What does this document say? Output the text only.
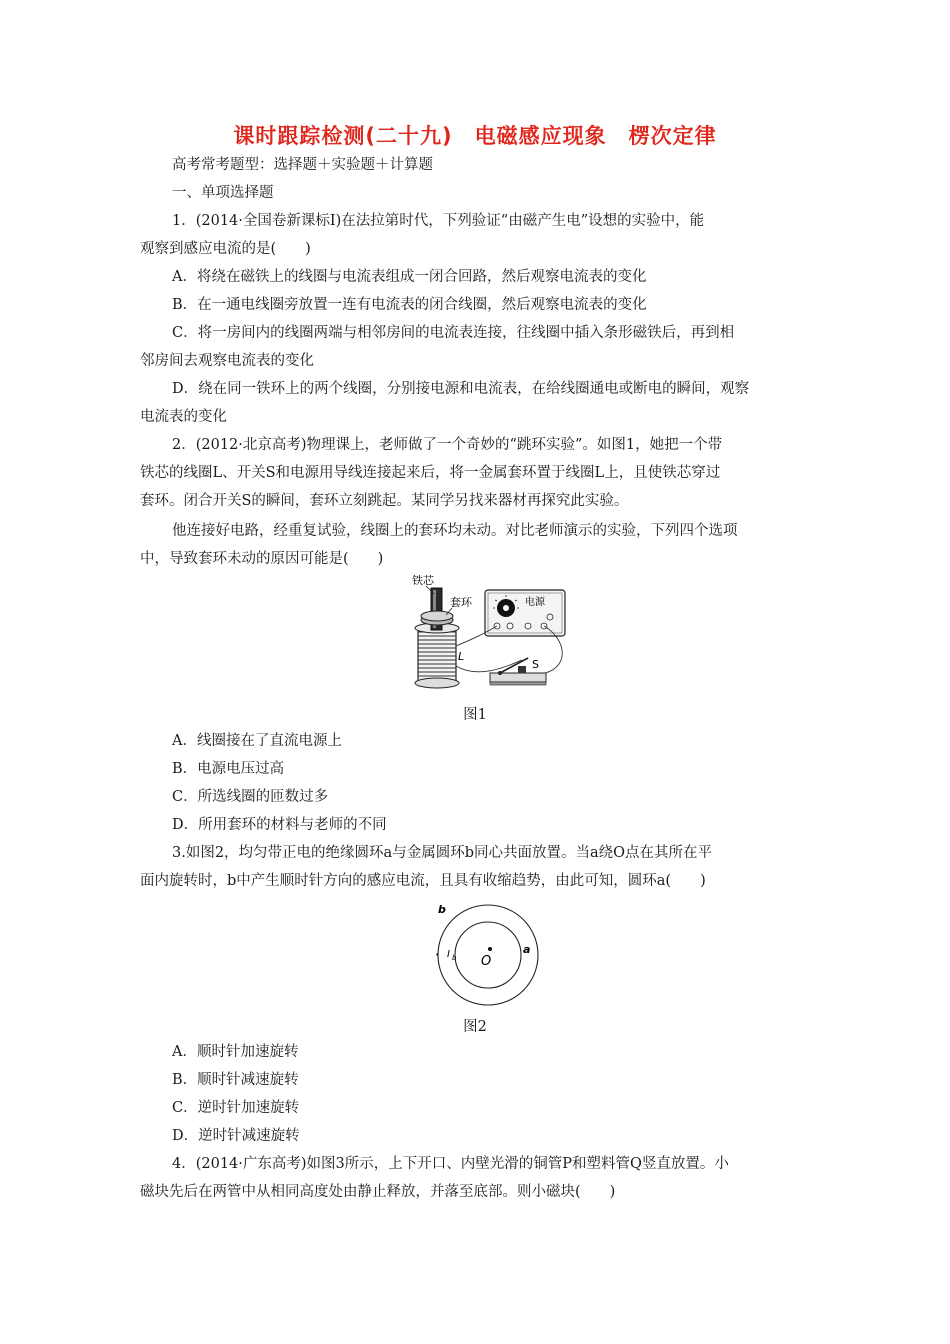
课时跟踪检测(二十九)　电磁感应现象　楞次定律
高考常考题型：选择题＋实验题＋计算题
一、单项选择题
1．(2014·全国卷新课标Ⅰ)在法拉第时代，下列验证“由磁产生电”设想的实验中，能
观察到感应电流的是(　　)
A．将绕在磁铁上的线圈与电流表组成一闭合回路，然后观察电流表的变化
B．在一通电线圈旁放置一连有电流表的闭合线圈，然后观察电流表的变化
C．将一房间内的线圈两端与相邻房间的电流表连接，往线圈中插入条形磁铁后，再到相
邻房间去观察电流表的变化
D．绕在同一铁环上的两个线圈，分别接电源和电流表，在给线圈通电或断电的瞬间，观察
电流表的变化
2．(2012·北京高考)物理课上，老师做了一个奇妙的“跳环实验”。如图1，她把一个带
铁芯的线圈L、开关S和电源用导线连接起来后，将一金属套环置于线圈L上，且使铁芯穿过
套环。闭合开关S的瞬间，套环立刻跳起。某同学另找来器材再探究此实验。
他连接好电路，经重复试验，线圈上的套环均未动。对比老师演示的实验，下列四个选项
中，导致套环未动的原因可能是(　　)
铁芯
套环
L
电源
S
图1
A．线圈接在了直流电源上
B．电源电压过高
C．所选线圈的匝数过多
D．所用套环的材料与老师的不同
3.如图2，均匀带正电的绝缘圆环a与金属圆环b同心共面放置。当a绕O点在其所在平
面内旋转时，b中产生顺时针方向的感应电流，且具有收缩趋势，由此可知，圆环a(　　)
b
a
O
I b
图2
A．顺时针加速旋转
B．顺时针减速旋转
C．逆时针加速旋转
D．逆时针减速旋转
4．(2014·广东高考)如图3所示，上下开口、内壁光滑的铜管P和塑料管Q竖直放置。小
磁块先后在两管中从相同高度处由静止释放，并落至底部。则小磁块(　　)
